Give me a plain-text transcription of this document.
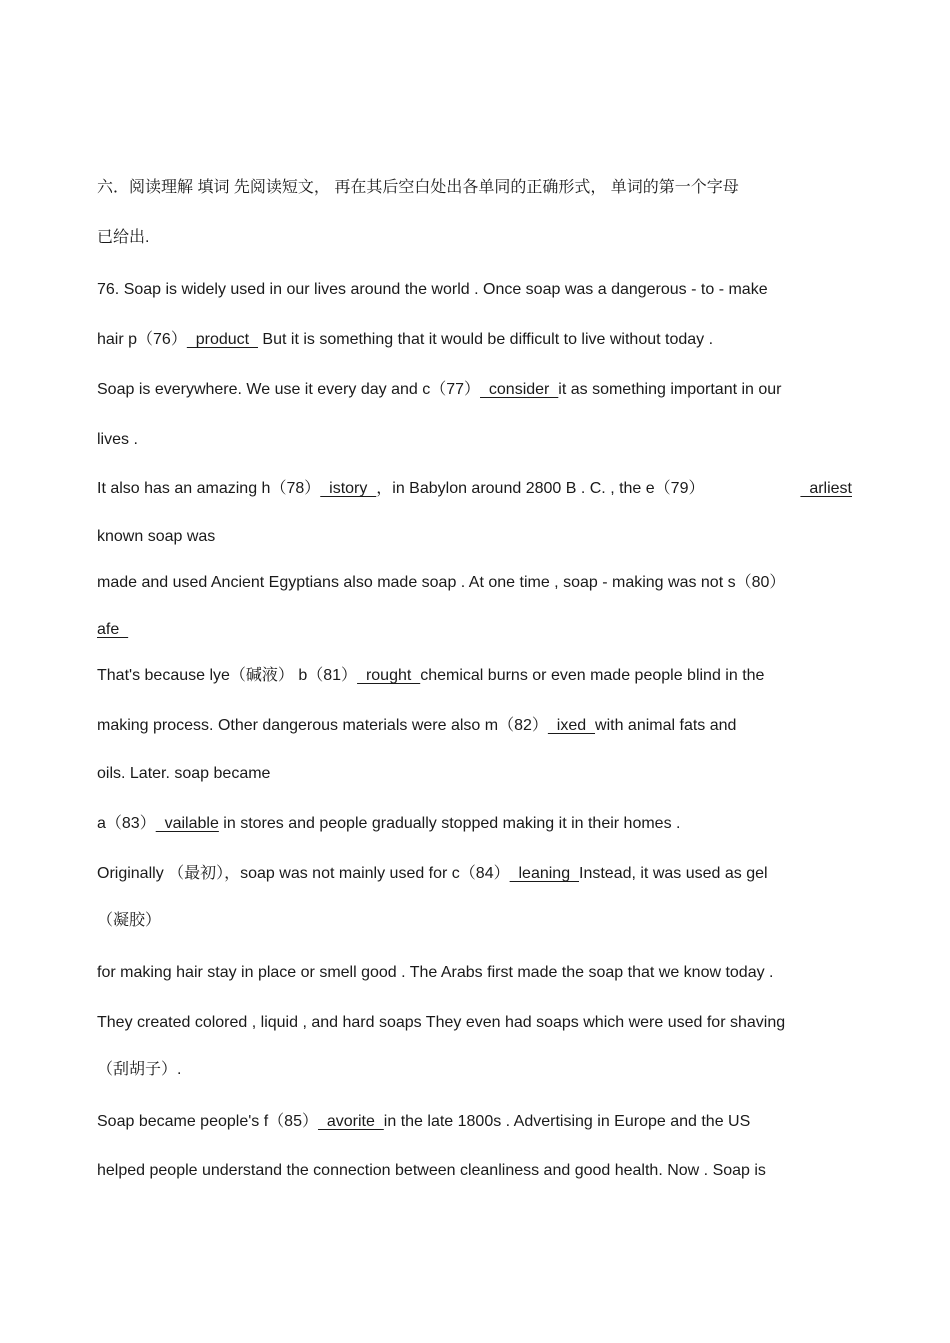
六．阅读理解 填词 先阅读短文， 再在其后空白处出各单同的正确形式， 单词的第一个字母
已给出.
76. Soap is widely used in our lives around the world . Once soap was a dangerous - to - make
hair p（76）  product   But it is something that it would be difficult to live without today .
Soap is everywhere. We use it every day and c（77）  consider  it as something important in our
lives .
It also has an amazing h（78）  istory  ，in Babylon around 2800 B . C. , the e（79）	arliest
known soap was
made and used Ancient Egyptians also made soap . At one time , soap - making was not s（80）
afe
That's because lye（碱液） b（81）  rought  chemical burns or even made people blind in the
making process. Other dangerous materials were also m（82）  ixed  with animal fats and
oils. Later. soap became
a（83）  vailable in stores and people gradually stopped making it in their homes .
Originally （最初），soap was not mainly used for c（84）  leaning  Instead, it was used as gel
（凝胶）
for making hair stay in place or smell good . The Arabs first made the soap that we know today .
They created colored , liquid , and hard soaps They even had soaps which were used for shaving
（刮胡子）.
Soap became people's f（85）  avorite  in the late 1800s . Advertising in Europe and the US
helped people understand the connection between cleanliness and good health. Now . Soap is
